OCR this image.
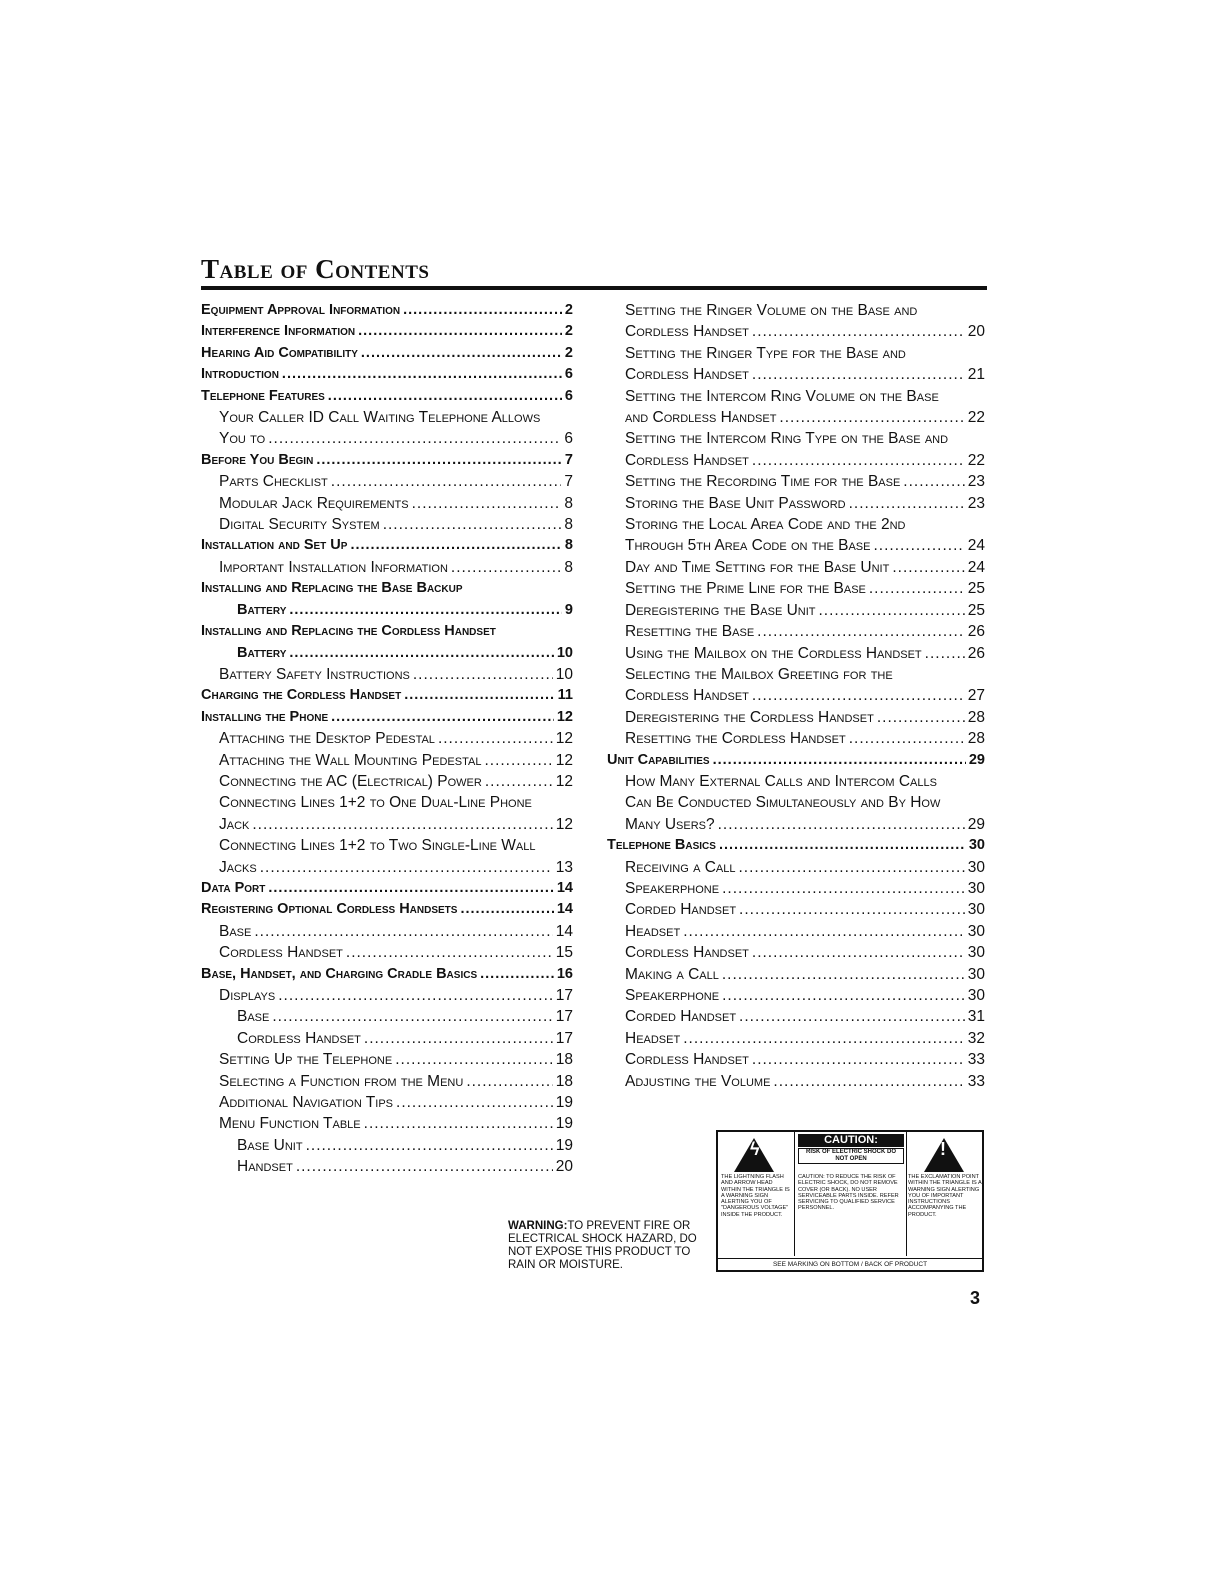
Table of Contents
Equipment Approval Information .....	2
Interference Information .....	2
Hearing Aid Compatibility .....	2
Introduction .....	6
Telephone Features .....	6
Your Caller ID Call Waiting Telephone Allows
You to .....	6
Before You Begin .....	7
Parts Checklist .....	7
Modular Jack Requirements .....	8
Digital Security System .....	8
Installation and Set Up .....	8
Important Installation Information .....	8
Installing and Replacing the Base Backup
Battery .....	9
Installing and Replacing the Cordless Handset
Battery .....	10
Battery Safety Instructions .....	10
Charging the Cordless Handset .....	11
Installing the Phone .....	12
Attaching the Desktop Pedestal .....	12
Attaching the Wall Mounting Pedestal .....	12
Connecting the AC (Electrical) Power .....	12
Connecting Lines 1+2 to One Dual-Line Phone
Jack .....	12
Connecting Lines 1+2 to Two Single-Line Wall
Jacks .....	13
Data Port .....	14
Registering Optional Cordless Handsets .....	14
Base .....	14
Cordless Handset .....	15
Base, Handset, and Charging Cradle Basics .....	16
Displays .....	17
Base .....	17
Cordless Handset .....	17
Setting Up the Telephone .....	18
Selecting a Function from the Menu .....	18
Additional Navigation Tips .....	19
Menu Function Table .....	19
Base Unit .....	19
Handset .....	20
Setting the Ringer Volume on the Base and
Cordless Handset .....	20
Setting the Ringer Type for the Base and
Cordless Handset .....	21
Setting the Intercom Ring Volume on the Base
and Cordless Handset .....	22
Setting the Intercom Ring Type on the Base and
Cordless Handset .....	22
Setting the Recording Time for the Base .....	23
Storing the Base Unit Password .....	23
Storing the Local Area Code and the 2nd
Through 5th Area Code on the Base .....	24
Day and Time Setting for the Base Unit .....	24
Setting the Prime Line for the Base .....	25
Deregistering the Base Unit .....	25
Resetting the Base .....	26
Using the Mailbox on the Cordless Handset .....	26
Selecting the Mailbox Greeting for the
Cordless Handset .....	27
Deregistering the Cordless Handset .....	28
Resetting the Cordless Handset .....	28
Unit Capabilities .....	29
How Many External Calls and Intercom Calls
Can Be Conducted Simultaneously and By How
Many Users? .....	29
Telephone Basics .....	30
Receiving a Call .....	30
Speakerphone .....	30
Corded Handset .....	30
Headset .....	30
Cordless Handset .....	30
Making a Call .....	30
Speakerphone .....	30
Corded Handset .....	31
Headset .....	32
Cordless Handset .....	33
Adjusting the Volume .....	33

WARNING:TO PREVENT FIRE OR ELECTRICAL SHOCK HAZARD, DO NOT EXPOSE THIS PRODUCT TO RAIN OR MOISTURE.

ϟ	CAUTION:
RISK OF ELECTRIC SHOCK DO NOT OPEN	!
THE LIGHTNING FLASH AND ARROW HEAD WITHIN THE TRIANGLE IS A WARNING SIGN ALERTING YOU OF "DANGEROUS VOLTAGE" INSIDE THE PRODUCT.
CAUTION: TO REDUCE THE RISK OF ELECTRIC SHOCK, DO NOT REMOVE COVER (OR BACK). NO USER SERVICEABLE PARTS INSIDE. REFER SERVICING TO QUALIFIED SERVICE PERSONNEL.
THE EXCLAMATION POINT WITHIN THE TRIANGLE IS A WARNING SIGN ALERTING YOU OF IMPORTANT INSTRUCTIONS ACCOMPANYING THE PRODUCT.
SEE MARKING ON BOTTOM / BACK OF PRODUCT

3
